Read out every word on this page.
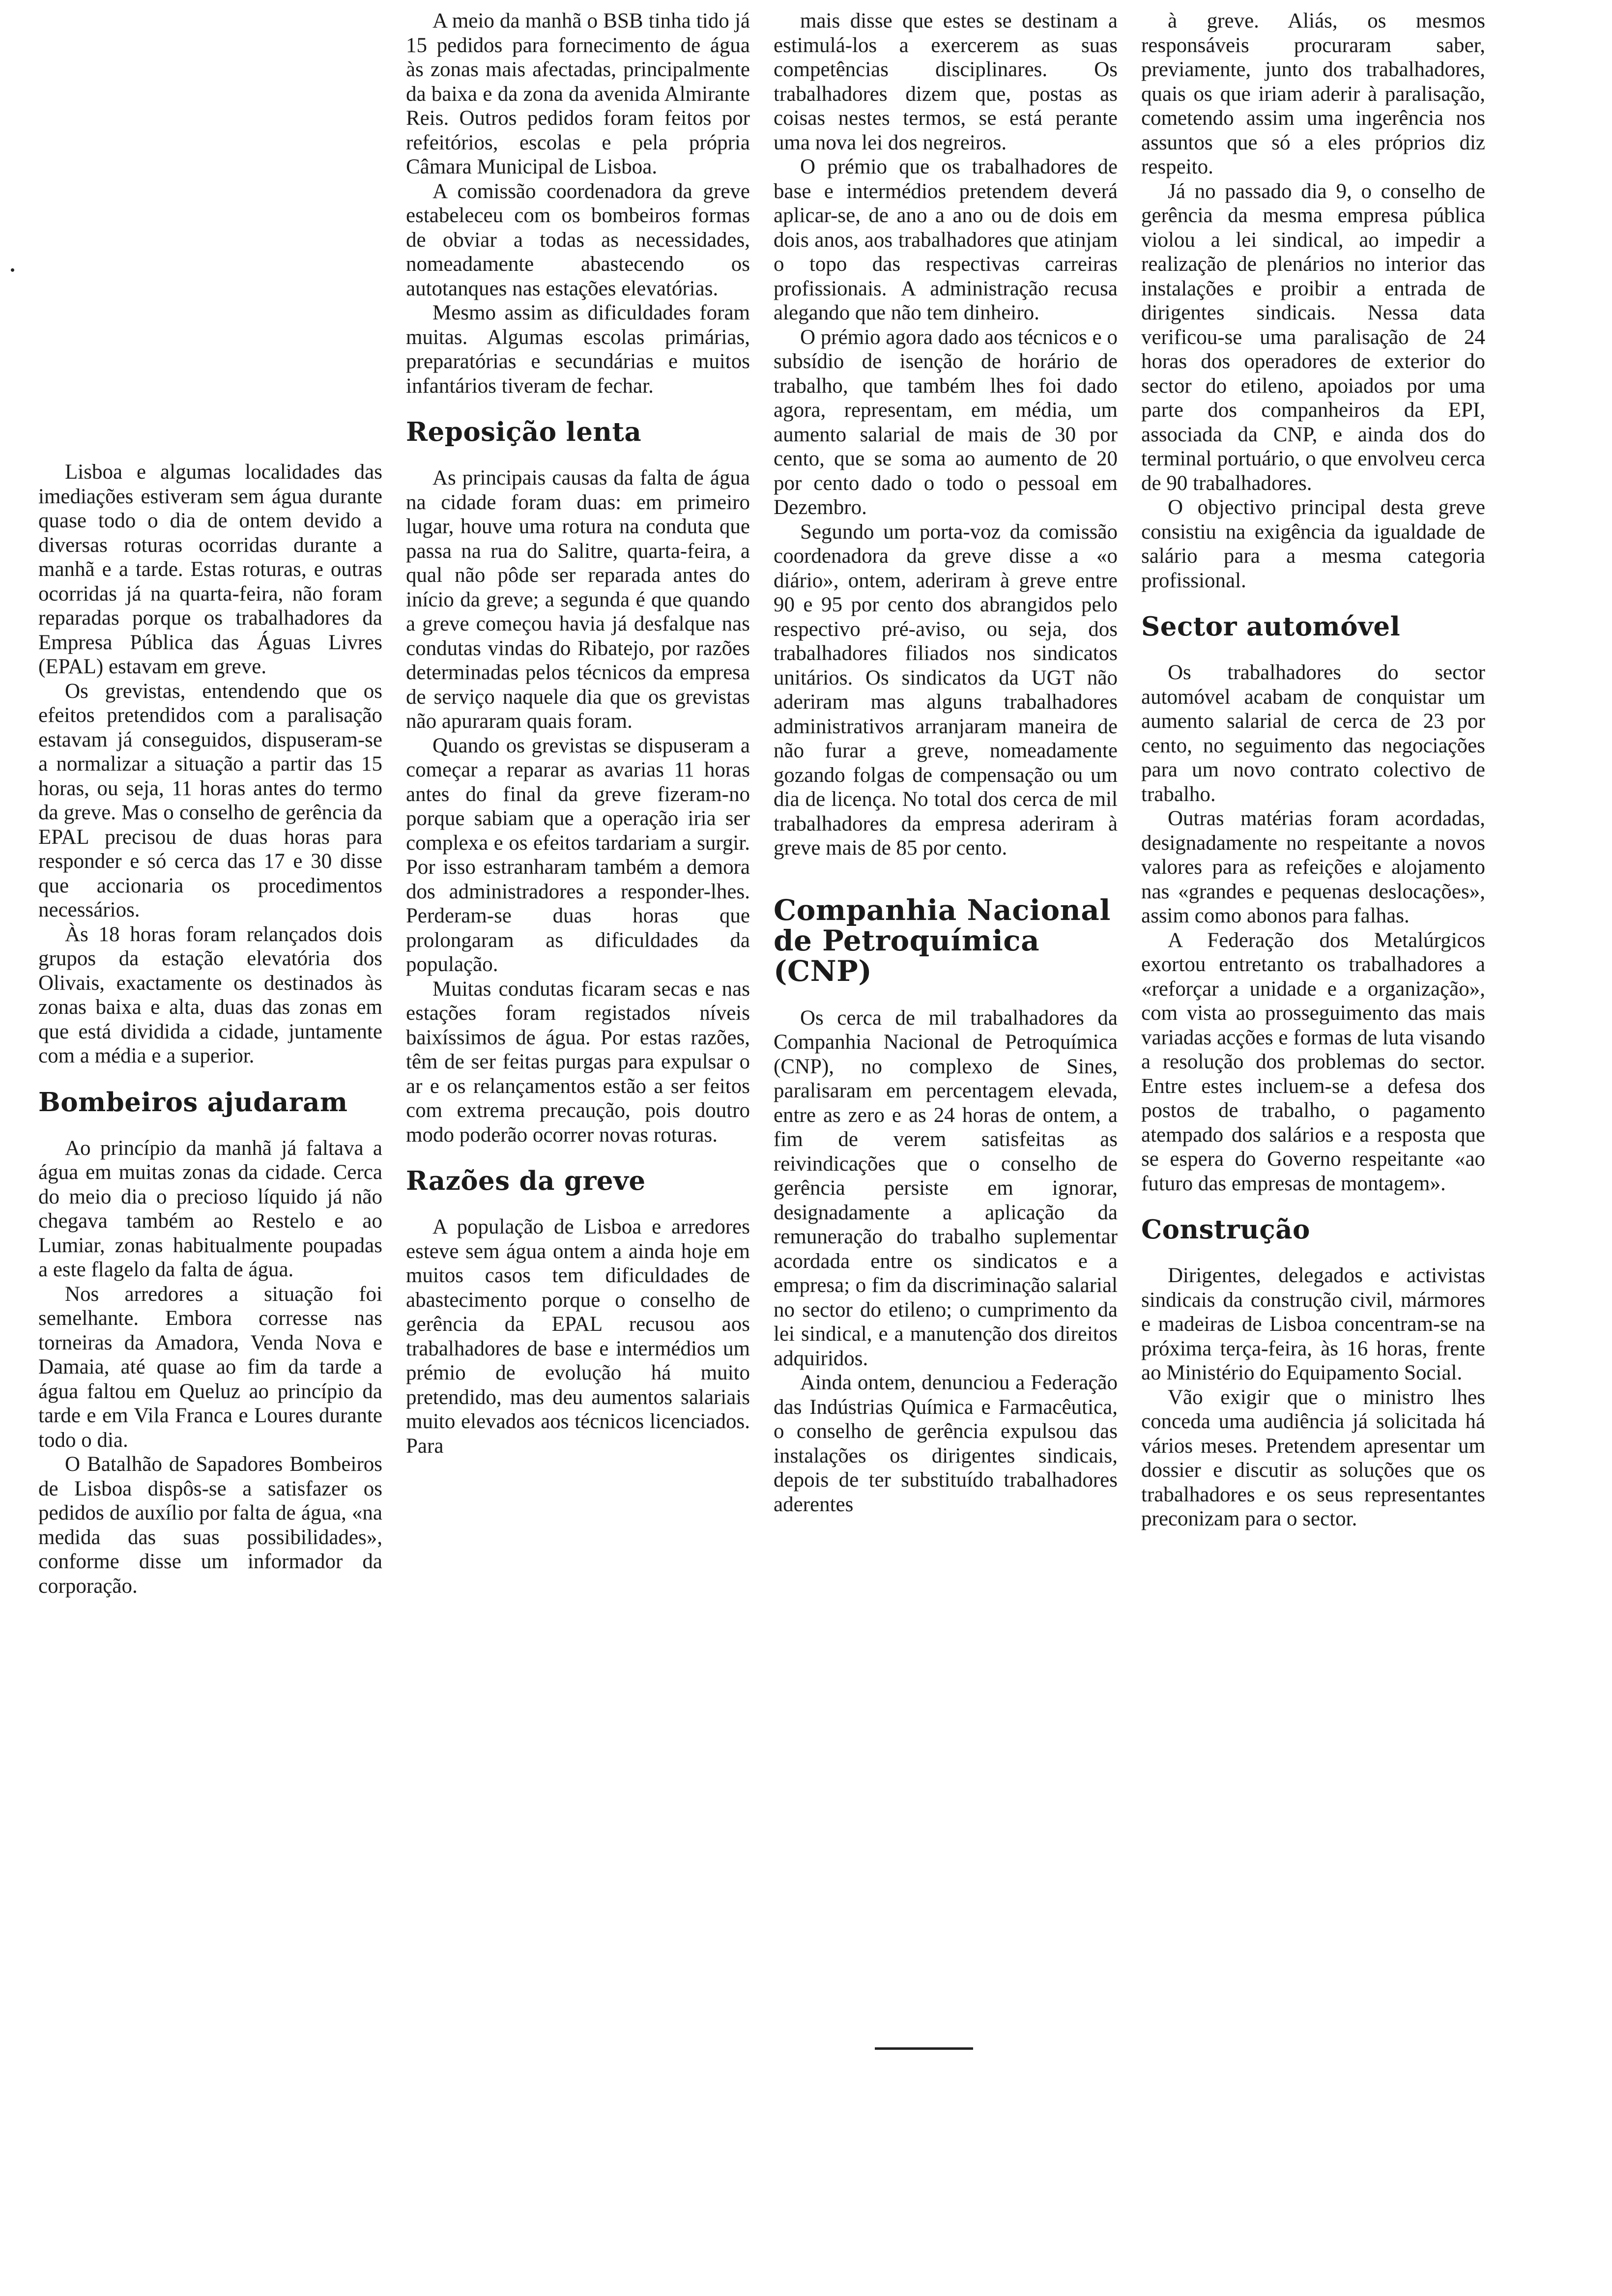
Lisboa e algumas localidades das imediações estiveram sem água durante quase todo o dia de ontem devido a diversas roturas ocorridas durante a manhã e a tarde. Estas roturas, e outras ocorridas já na quarta-feira, não foram reparadas porque os trabalhadores da Empresa Pública das Águas Livres (EPAL) estavam em greve.

Os grevistas, entendendo que os efeitos pretendidos com a paralisação estavam já conseguidos, dispuseram-se a normalizar a situação a partir das 15 horas, ou seja, 11 horas antes do termo da greve. Mas o conselho de gerência da EPAL precisou de duas horas para responder e só cerca das 17 e 30 disse que accionaria os procedimentos necessários.

Às 18 horas foram relançados dois grupos da estação elevatória dos Olivais, exactamente os destinados às zonas baixa e alta, duas das zonas em que está dividida a cidade, juntamente com a média e a superior.

Bombeiros ajudaram

Ao princípio da manhã já faltava a água em muitas zonas da cidade. Cerca do meio dia o precioso líquido já não chegava também ao Restelo e ao Lumiar, zonas habitualmente poupadas a este flagelo da falta de água.

Nos arredores a situação foi semelhante. Embora corresse nas torneiras da Amadora, Venda Nova e Damaia, até quase ao fim da tarde a água faltou em Queluz ao princípio da tarde e em Vila Franca e Loures durante todo o dia.

O Batalhão de Sapadores Bombeiros de Lisboa dispôs-se a satisfazer os pedidos de auxílio por falta de água, «na medida das suas possibilidades», conforme disse um informador da corporação.

A meio da manhã o BSB tinha tido já 15 pedidos para fornecimento de água às zonas mais afectadas, principalmente da baixa e da zona da avenida Almirante Reis. Outros pedidos foram feitos por refeitórios, escolas e pela própria Câmara Municipal de Lisboa.

A comissão coordenadora da greve estabeleceu com os bombeiros formas de obviar a todas as necessidades, nomeadamente abastecendo os autotanques nas estações elevatórias.

Mesmo assim as dificuldades foram muitas. Algumas escolas primárias, preparatórias e secundárias e muitos infantários tiveram de fechar.

Reposição lenta

As principais causas da falta de água na cidade foram duas: em primeiro lugar, houve uma rotura na conduta que passa na rua do Salitre, quarta-feira, a qual não pôde ser reparada antes do início da greve; a segunda é que quando a greve começou havia já desfalque nas condutas vindas do Ribatejo, por razões determinadas pelos técnicos da empresa de serviço naquele dia que os grevistas não apuraram quais foram.

Quando os grevistas se dispuseram a começar a reparar as avarias 11 horas antes do final da greve fizeram-no porque sabiam que a operação iria ser complexa e os efeitos tardariam a surgir. Por isso estranharam também a demora dos administradores a responder-lhes. Perderam-se duas horas que prolongaram as dificuldades da população.

Muitas condutas ficaram secas e nas estações foram registados níveis baixíssimos de água. Por estas razões, têm de ser feitas purgas para expulsar o ar e os relançamentos estão a ser feitos com extrema precaução, pois doutro modo poderão ocorrer novas roturas.

Razões da greve

A população de Lisboa e arredores esteve sem água ontem a ainda hoje em muitos casos tem dificuldades de abastecimento porque o conselho de gerência da EPAL recusou aos trabalhadores de base e intermédios um prémio de evolução há muito pretendido, mas deu aumentos salariais muito elevados aos técnicos licenciados. Para

mais disse que estes se destinam a estimulá-los a exercerem as suas competências disciplinares. Os trabalhadores dizem que, postas as coisas nestes termos, se está perante uma nova lei dos negreiros.

O prémio que os trabalhadores de base e intermédios pretendem deverá aplicar-se, de ano a ano ou de dois em dois anos, aos trabalhadores que atinjam o topo das respectivas carreiras profissionais. A administração recusa alegando que não tem dinheiro.

O prémio agora dado aos técnicos e o subsídio de isenção de horário de trabalho, que também lhes foi dado agora, representam, em média, um aumento salarial de mais de 30 por cento, que se soma ao aumento de 20 por cento dado o todo o pessoal em Dezembro.

Segundo um porta-voz da comissão coordenadora da greve disse a «o diário», ontem, aderiram à greve entre 90 e 95 por cento dos abrangidos pelo respectivo pré-aviso, ou seja, dos trabalhadores filiados nos sindicatos unitários. Os sindicatos da UGT não aderiram mas alguns trabalhadores administrativos arranjaram maneira de não furar a greve, nomeadamente gozando folgas de compensação ou um dia de licença. No total dos cerca de mil trabalhadores da empresa aderiram à greve mais de 85 por cento.

Companhia Nacional de Petroquímica (CNP)

Os cerca de mil trabalhadores da Companhia Nacional de Petroquímica (CNP), no complexo de Sines, paralisaram em percentagem elevada, entre as zero e as 24 horas de ontem, a fim de verem satisfeitas as reivindicações que o conselho de gerência persiste em ignorar, designadamente a aplicação da remuneração do trabalho suplementar acordada entre os sindicatos e a empresa; o fim da discriminação salarial no sector do etileno; o cumprimento da lei sindical, e a manutenção dos direitos adquiridos.

Ainda ontem, denunciou a Federação das Indústrias Química e Farmacêutica, o conselho de gerência expulsou das instalações os dirigentes sindicais, depois de ter substituído trabalhadores aderentes

à greve. Aliás, os mesmos responsáveis procuraram saber, previamente, junto dos trabalhadores, quais os que iriam aderir à paralisação, cometendo assim uma ingerência nos assuntos que só a eles próprios diz respeito.

Já no passado dia 9, o conselho de gerência da mesma empresa pública violou a lei sindical, ao impedir a realização de plenários no interior das instalações e proibir a entrada de dirigentes sindicais. Nessa data verificou-se uma paralisação de 24 horas dos operadores de exterior do sector do etileno, apoiados por uma parte dos companheiros da EPI, associada da CNP, e ainda dos do terminal portuário, o que envolveu cerca de 90 trabalhadores.

O objectivo principal desta greve consistiu na exigência da igualdade de salário para a mesma categoria profissional.

Sector automóvel

Os trabalhadores do sector automóvel acabam de conquistar um aumento salarial de cerca de 23 por cento, no seguimento das negociações para um novo contrato colectivo de trabalho.

Outras matérias foram acordadas, designadamente no respeitante a novos valores para as refeições e alojamento nas «grandes e pequenas deslocações», assim como abonos para falhas.

A Federação dos Metalúrgicos exortou entretanto os trabalhadores a «reforçar a unidade e a organização», com vista ao prosseguimento das mais variadas acções e formas de luta visando a resolução dos problemas do sector. Entre estes incluem-se a defesa dos postos de trabalho, o pagamento atempado dos salários e a resposta que se espera do Governo respeitante «ao futuro das empresas de montagem».

Construção

Dirigentes, delegados e activistas sindicais da construção civil, mármores e madeiras de Lisboa concentram-se na próxima terça-feira, às 16 horas, frente ao Ministério do Equipamento Social.

Vão exigir que o ministro lhes conceda uma audiência já solicitada há vários meses. Pretendem apresentar um dossier e discutir as soluções que os trabalhadores e os seus representantes preconizam para o sector.
